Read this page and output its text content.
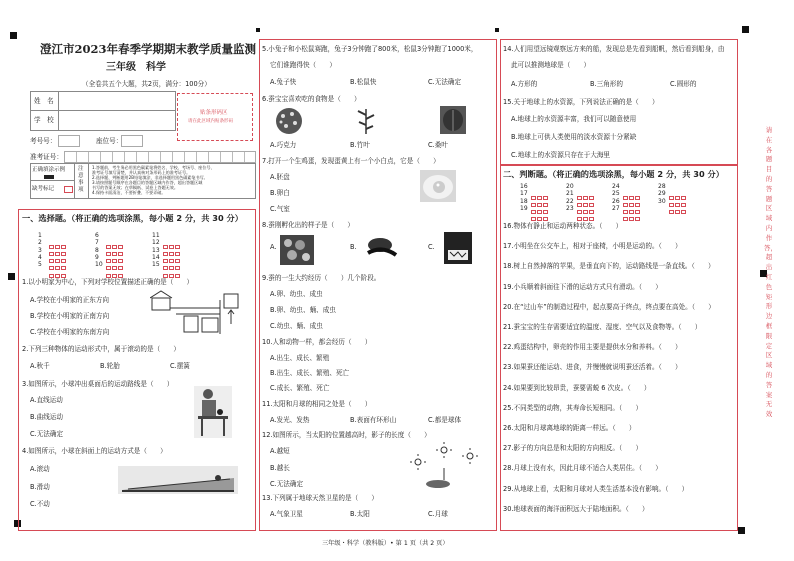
澄江市2023年春季学期期末教学质量监测
三年级　科学
（全卷共五个大题，共2页，满分：100分）
姓　名
学　校
贴条形码区
请在此区域内贴条形码
考号号：	座位号：
准考证号：
正确填涂示例
缺考标记
注意事项
1.答题前，考生务必用黑色碳素笔将姓名、学校、考场号、座位号、
准考证号填写清楚，并认真核对条形码上的准考证号。
2.选择题、判断题用2B铅笔填涂，非选择题用黑色碳素笔书写。
3.请按照题号顺序在各题目的答题区域内作答，超出答题区域
书写的答案无效；在草稿纸、试卷上答题无效。
4.保持卡面清洁，不要折叠、不要弄破。
一、选择题。（将正确的选项涂黑，每小题 2 分，共 30 分）
1
2
3
4
5
6
7
8
9
10
11
12
13
14
15
1.以小明家为中心，下列对学校位置描述正确的是（　　）
A.学校在小明家的正东方向
B.学校在小明家的正南方向
C.学校在小明家的东南方向
2.下列三种物体的运动形式中，属于滚动的是（　　）
A.秋千	B.轮胎	C.摆簧
3.如图所示，小球冲出桌面后的运动路线是（　　）
A.直线运动
B.曲线运动
C.无法确定
4.如图所示，小球在斜面上的运动方式是（　　）
A.滚动
B.滑动
C.不动
5.小兔子和小松鼠赛跑，兔子3分钟跑了800米，松鼠3分钟跑了1000米，
它们谁跑得快（　　）
A.兔子快	B.松鼠快	C.无法确定
6.蚕宝宝喜欢吃的食物是（　　）
A.巧克力	B.竹叶	C.桑叶
7.打开一个生鸡蛋，发现蛋黄上有一个小白点，它是（　　）
A.胚盘
B.卵白
C.气室
8.蚕刚孵化出的样子是（　　）
A.	B.	C.
9.蚕的一生大约经历（　　）几个阶段。
A.卵、幼虫、成虫
B.卵、幼虫、蛹、成虫
C.幼虫、蛹、成虫
10.人和动物一样，都会经历（　　）
A.出生、成长、繁殖
B.出生、成长、繁殖、死亡
C.成长、繁殖、死亡
11.太阳和月球的相同之处是（　　）
A.发光、发热	B.表面有环形山	C.都是球体
12.如图所示，当太阳的位置越高时，影子的长度（　　）
A.越短
B.越长
C.无法确定
13.下列属于地球天然卫星的是（　　）
A.气象卫星	B.太阳	C.月球
14.人们用望远镜观察远方来的船，发现总是先看到船帆，然后看到船身，由
此可以推测地球是（　　）
A.方形的	B.三角形的	C.圆形的
15.关于地球上的水资源，下列说法正确的是（　　）
A.地球上的水资源丰富，我们可以随意使用
B.地球上可供人类使用的淡水资源十分紧缺
C.地球上的水资源只存在于大海里
二、判断题。（将正确的选项涂黑，每小题 2 分，共 30 分）
16
17
18
19
20
21
22
23
24
25
26
27
28
29
30
16.物体有静止和运动两种状态。（　　）
17.小明坐在公交车上，相对于座椅，小明是运动的。（　　）
18.树上自然掉落的苹果，是垂直向下的，运动路线是一条直线。（　　）
19.小兵顺着斜面往下滑的运动方式只有滑动。（　　）
20.在“过山车”的制造过程中，起点要高于终点，终点要在高处。（　　）
21.蚕宝宝的生存需要适宜的温度、湿度、空气以及食物等。（　　）
22.鸡蛋结构中，卵壳的作用主要是提供水分和养料。（　　）
23.如果蚕还能运动、进食，并慢慢就说明蚕还活着。（　　）
24.如果要到比较昂贵，蚕要需蜕 6 次皮。（　　）
25.不同类型的动物，其寿命长短相同。（　　）
26.太阳和月球离地球的距离一样远。（　　）
27.影子的方向总是和太阳的方向相反。（　　）
28.月球上没有水，因此月球不适合人类居住。（　　）
29.从地球上看，太阳和月球对人类生活基本没有影响。（　　）
30.地球表面的海洋面积远大于陆地面积。（　　）
请在各题目的答题区域内作答，超出红色矩形边框限定区域的答案无效
三年级・科学（教科版）• 第 1 页（共 2 页）
